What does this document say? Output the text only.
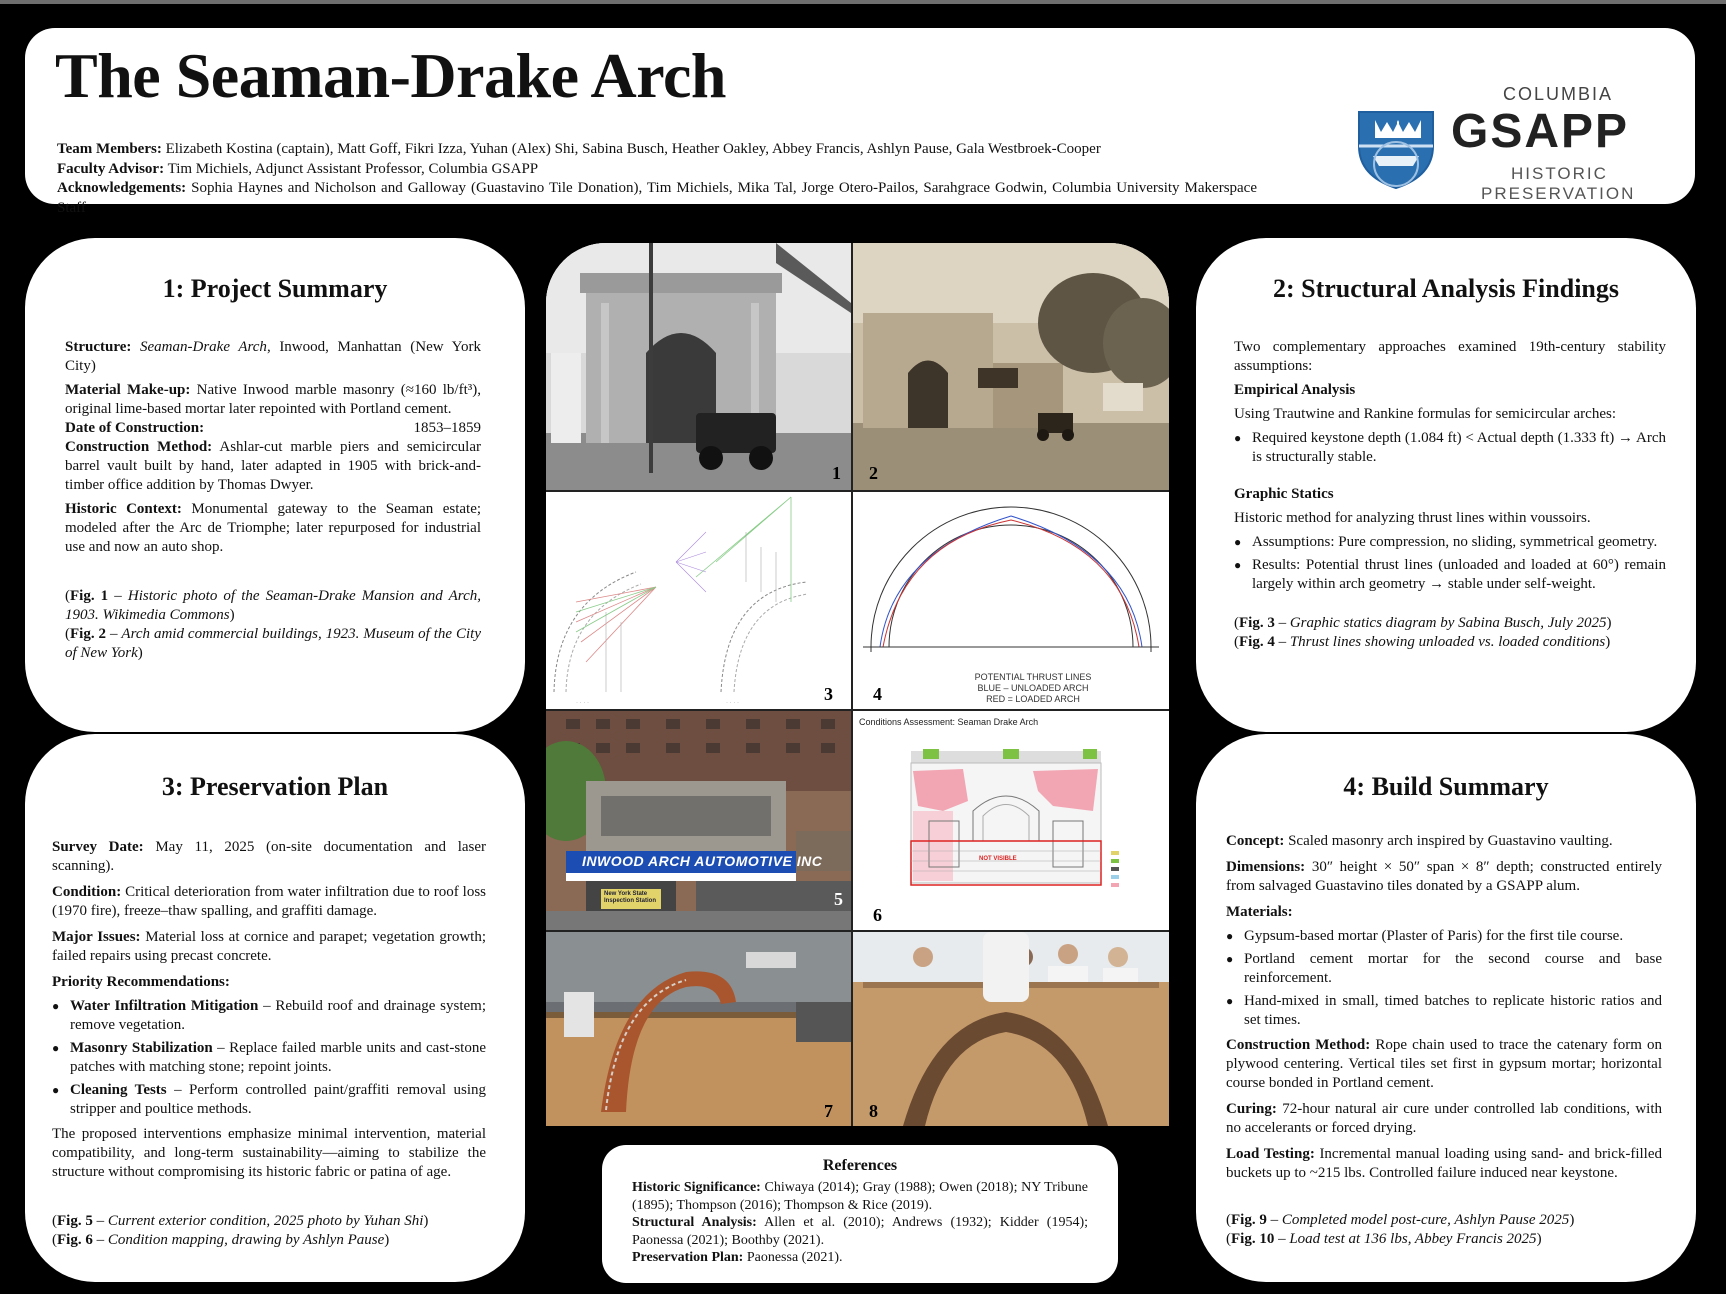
The Seaman-Drake Arch

Team Members: Elizabeth Kostina (captain), Matt Goff, Fikri Izza, Yuhan (Alex) Shi, Sabina Busch, Heather Oakley, Abbey Francis, Ashlyn Pause, Gala Westbroek-Cooper

Faculty Advisor: Tim Michiels, Adjunct Assistant Professor, Columbia GSAPP

Acknowledgements: Sophia Haynes and Nicholson and Galloway (Guastavino Tile Donation), Tim Michiels, Mika Tal, Jorge Otero-Pailos, Sarahgrace Godwin, Columbia University Makerspace Staff

COLUMBIA
GSAPP
HISTORIC
PRESERVATION
1: Project Summary

Structure: Seaman-Drake Arch, Inwood, Manhattan (New York City)

Material Make-up: Native Inwood marble masonry (≈160 lb/ft³), original lime-based mortar later repointed with Portland cement.

Date of Construction:	1853–1859

Construction Method: Ashlar-cut marble piers and semicircular barrel vault built by hand, later adapted in 1905 with brick-and-timber office addition by Thomas Dwyer.

Historic Context: Monumental gateway to the Seaman estate; modeled after the Arc de Triomphe; later repurposed for industrial use and now an auto shop.

(Fig. 1 – Historic photo of the Seaman-Drake Mansion and Arch, 1903. Wikimedia Commons)

(Fig. 2 – Arch amid commercial buildings, 1923. Museum of the City of New York)

2: Structural Analysis Findings

Two complementary approaches examined 19th-century stability assumptions:

Empirical Analysis

Using Trautwine and Rankine formulas for semicircular arches:

● Required keystone depth (1.084 ft) < Actual depth (1.333 ft) → Arch is structurally stable.

Graphic Statics

Historic method for analyzing thrust lines within voussoirs.

● Assumptions: Pure compression, no sliding, symmetrical geometry.
● Results: Potential thrust lines (unloaded and loaded at 60°) remain largely within arch geometry → stable under self-weight.

(Fig. 3 – Graphic statics diagram by Sabina Busch, July 2025)

(Fig. 4 – Thrust lines showing unloaded vs. loaded conditions)

3: Preservation Plan

Survey Date: May 11, 2025 (on-site documentation and laser scanning).

Condition: Critical deterioration from water infiltration due to roof loss (1970 fire), freeze–thaw spalling, and graffiti damage.

Major Issues: Material loss at cornice and parapet; vegetation growth; failed repairs using precast concrete.

Priority Recommendations:

● Water Infiltration Mitigation – Rebuild roof and drainage system; remove vegetation.
● Masonry Stabilization – Replace failed marble units and cast-stone patches with matching stone; repoint joints.
● Cleaning Tests – Perform controlled paint/graffiti removal using stripper and poultice methods.

The proposed interventions emphasize minimal intervention, material compatibility, and long-term sustainability—aiming to stabilize the structure without compromising its historic fabric or patina of age.

(Fig. 5 – Current exterior condition, 2025 photo by Yuhan Shi)

(Fig. 6 – Condition mapping, drawing by Ashlyn Pause)

4: Build Summary

Concept: Scaled masonry arch inspired by Guastavino vaulting.

Dimensions: 30″ height × 50″ span × 8″ depth; constructed entirely from salvaged Guastavino tiles donated by a GSAPP alum.

Materials:

● Gypsum-based mortar (Plaster of Paris) for the first tile course.
● Portland cement mortar for the second course and base reinforcement.
● Hand-mixed in small, timed batches to replicate historic ratios and set times.

Construction Method: Rope chain used to trace the catenary form on plywood centering. Vertical tiles set first in gypsum mortar; horizontal course bonded in Portland cement.

Curing: 72-hour natural air cure under controlled lab conditions, with no accelerants or forced drying.

Load Testing: Incremental manual loading using sand- and brick-filled buckets up to ~215 lbs. Controlled failure induced near keystone.

(Fig. 9 – Completed model post-cure, Ashlyn Pause 2025)

(Fig. 10 – Load test at 136 lbs, Abbey Francis 2025)

1 2
· · · ·	· · · ·	3
POTENTIAL THRUST LINES
BLUE – UNLOADED ARCH
RED = LOADED ARCH
4
INWOOD ARCH AUTOMOTIVE INC
New York State Inspection Station	5
Conditions Assessment: Seaman Drake Arch
NOT VISIBLE
6
7 8
References

Historic Significance: Chiwaya (2014); Gray (1988); Owen (2018); NY Tribune (1895); Thompson (2016); Thompson & Rice (2019).

Structural Analysis: Allen et al. (2010); Andrews (1932); Kidder (1954); Paonessa (2021); Boothby (2021).

Preservation Plan: Paonessa (2021).
